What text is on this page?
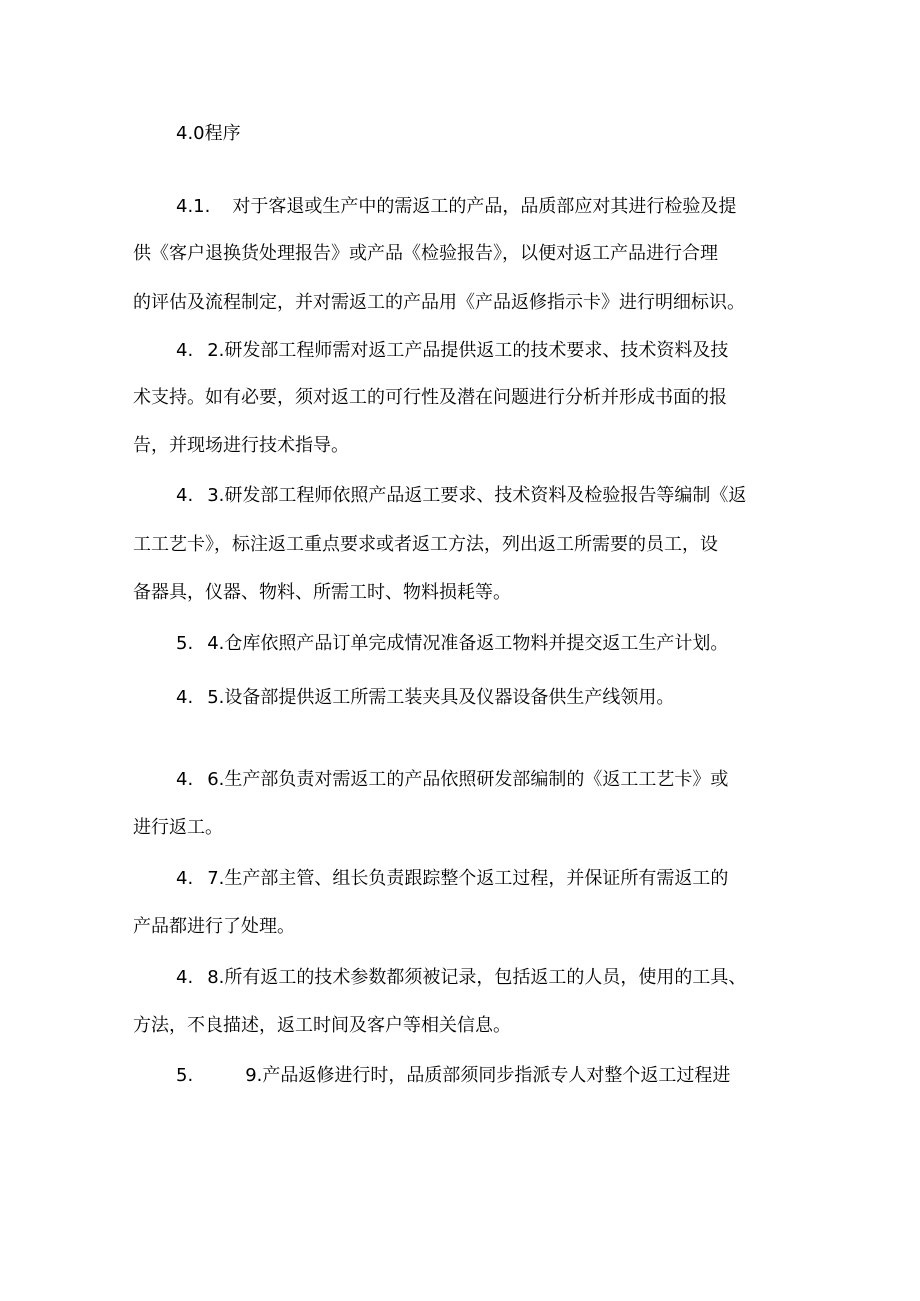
4.0程序
4.1. 对于客退或生产中的需返工的产品，品质部应对其进行检验及提
供《客户退换货处理报告》或产品《检验报告》，以便对返工产品进行合理
的评估及流程制定，并对需返工的产品用《产品返修指示卡》进行明细标识。
4. 2.研发部工程师需对返工产品提供返工的技术要求、技术资料及技
术支持。如有必要，须对返工的可行性及潜在问题进行分析并形成书面的报
告，并现场进行技术指导。
4. 3.研发部工程师依照产品返工要求、技术资料及检验报告等编制《返
工工艺卡》，标注返工重点要求或者返工方法，列出返工所需要的员工，设
备器具，仪器、物料、所需工时、物料损耗等。
5. 4.仓库依照产品订单完成情况准备返工物料并提交返工生产计划。
4. 5.设备部提供返工所需工装夹具及仪器设备供生产线领用。
4. 6.生产部负责对需返工的产品依照研发部编制的《返工工艺卡》或
进行返工。
4. 7.生产部主管、组长负责跟踪整个返工过程，并保证所有需返工的
产品都进行了处理。
4. 8.所有返工的技术参数都须被记录，包括返工的人员，使用的工具、
方法，不良描述，返工时间及客户等相关信息。
5.	9.产品返修进行时，品质部须同步指派专人对整个返工过程进
